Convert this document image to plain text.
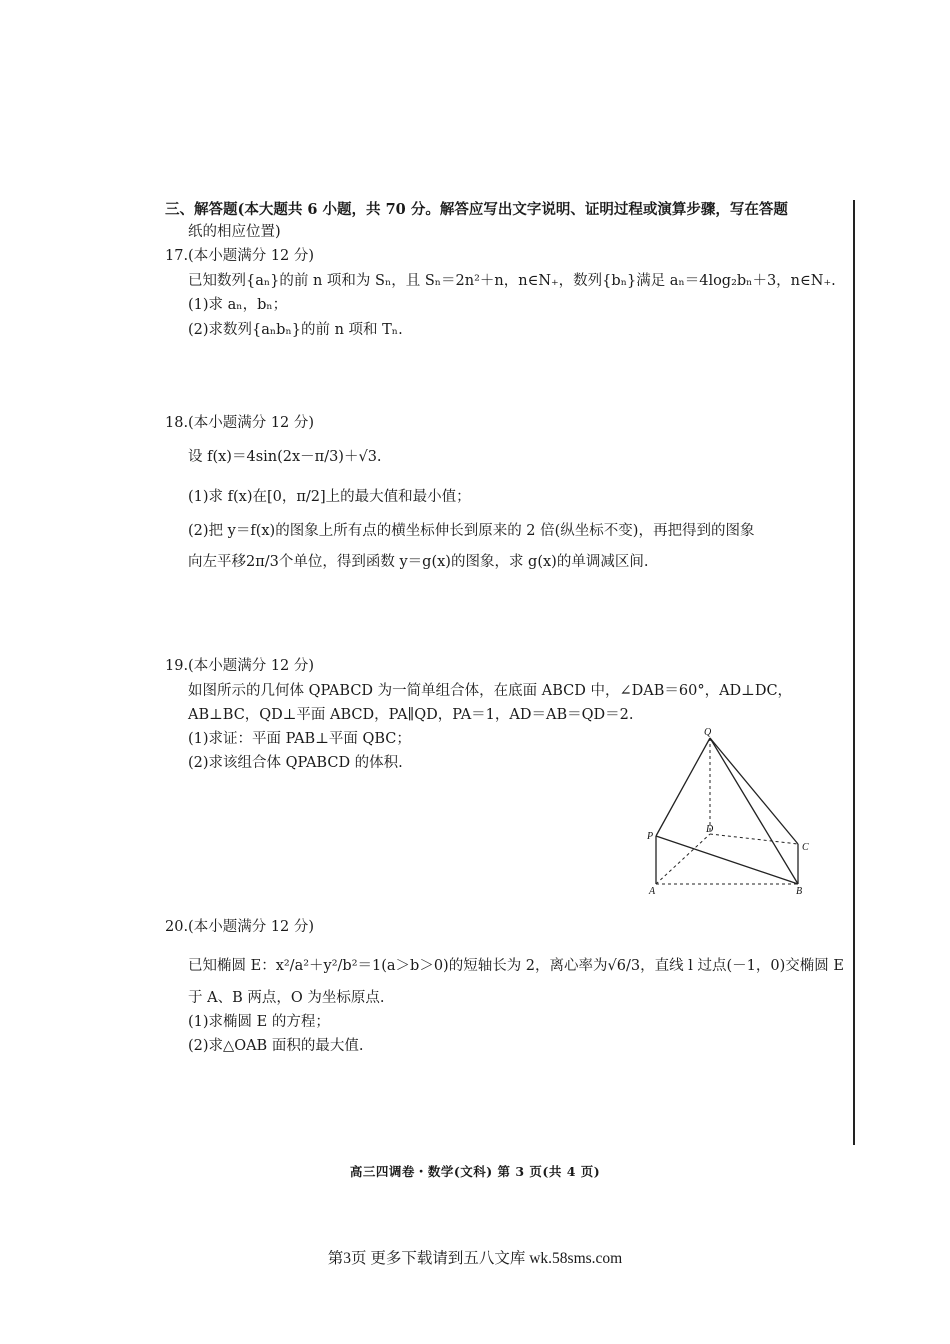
三、解答题(本大题共 6 小题，共 70 分。解答应写出文字说明、证明过程或演算步骤，写在答题
纸的相应位置)
17.(本小题满分 12 分)
已知数列{aₙ}的前 n 项和为 Sₙ，且 Sₙ＝2n²＋n，n∈N₊，数列{bₙ}满足 aₙ＝4log₂bₙ＋3，n∈N₊.
(1)求 aₙ，bₙ；
(2)求数列{aₙbₙ}的前 n 项和 Tₙ.
18.(本小题满分 12 分)
设 f(x)＝4sin(2x－π/3)＋√3.
(1)求 f(x)在[0，π/2]上的最大值和最小值；
(2)把 y＝f(x)的图象上所有点的横坐标伸长到原来的 2 倍(纵坐标不变)，再把得到的图象
向左平移2π/3个单位，得到函数 y＝g(x)的图象，求 g(x)的单调减区间.
19.(本小题满分 12 分)
如图所示的几何体 QPABCD 为一简单组合体，在底面 ABCD 中，∠DAB＝60°，AD⊥DC，
AB⊥BC，QD⊥平面 ABCD，PA∥QD，PA＝1，AD＝AB＝QD＝2.
(1)求证：平面 PAB⊥平面 QBC；
(2)求该组合体 QPABCD 的体积.
Q
P
D
C
A	B
20.(本小题满分 12 分)
已知椭圆 E：x²/a²＋y²/b²＝1(a＞b＞0)的短轴长为 2，离心率为√6/3，直线 l 过点(－1，0)交椭圆 E
于 A、B 两点，O 为坐标原点.
(1)求椭圆 E 的方程；
(2)求△OAB 面积的最大值.
高三四调卷・数学(文科) 第 3 页(共 4 页)
第3页 更多下载请到五八文库 wk.58sms.com
